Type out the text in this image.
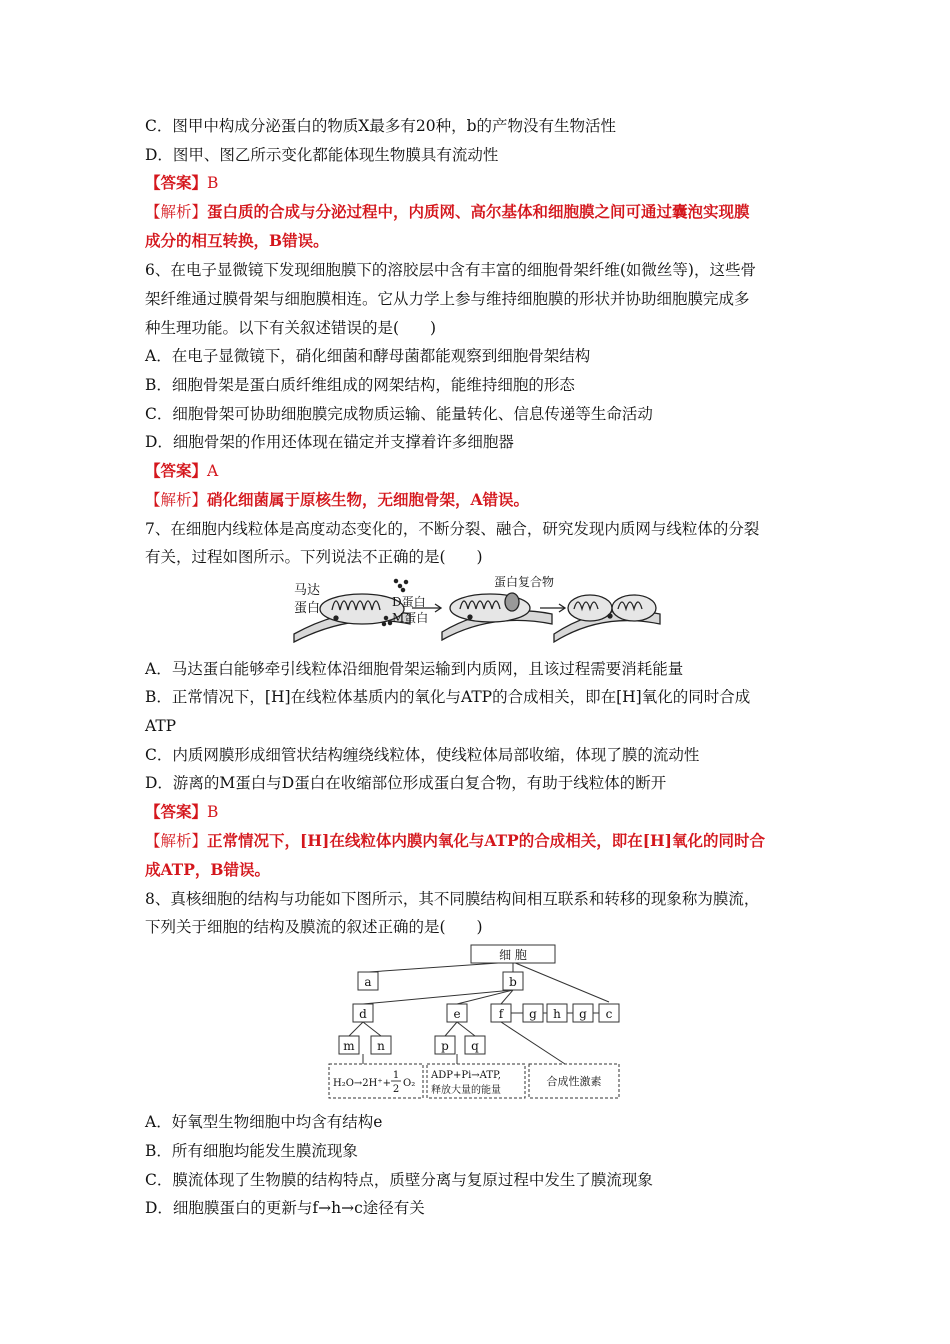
C．图甲中构成分泌蛋白的物质X最多有20种，b的产物没有生物活性
D．图甲、图乙所示变化都能体现生物膜具有流动性
【答案】B
【解析】蛋白质的合成与分泌过程中，内质网、高尔基体和细胞膜之间可通过囊泡实现膜
成分的相互转换，B错误。
6、在电子显微镜下发现细胞膜下的溶胶层中含有丰富的细胞骨架纤维(如微丝等)，这些骨
架纤维通过膜骨架与细胞膜相连。它从力学上参与维持细胞膜的形状并协助细胞膜完成多
种生理功能。以下有关叙述错误的是(　　)
A．在电子显微镜下，硝化细菌和酵母菌都能观察到细胞骨架结构
B．细胞骨架是蛋白质纤维组成的网架结构，能维持细胞的形态
C．细胞骨架可协助细胞膜完成物质运输、能量转化、信息传递等生命活动
D．细胞骨架的作用还体现在锚定并支撑着许多细胞器
【答案】A
【解析】硝化细菌属于原核生物，无细胞骨架，A错误。
7、在细胞内线粒体是高度动态变化的，不断分裂、融合，研究发现内质网与线粒体的分裂
有关，过程如图所示。下列说法不正确的是(　　)
马达
蛋白	D蛋白
M蛋白
蛋白复合物
A．马达蛋白能够牵引线粒体沿细胞骨架运输到内质网，且该过程需要消耗能量
B．正常情况下，[H]在线粒体基质内的氧化与ATP的合成相关，即在[H]氧化的同时合成
ATP
C．内质网膜形成细管状结构缠绕线粒体，使线粒体局部收缩，体现了膜的流动性
D．游离的M蛋白与D蛋白在收缩部位形成蛋白复合物，有助于线粒体的断开
【答案】B
【解析】正常情况下，[H]在线粒体内膜内氧化与ATP的合成相关，即在[H]氧化的同时合
成ATP，B错误。
8、真核细胞的结构与功能如下图所示，其不同膜结构间相互联系和转移的现象称为膜流，
下列关于细胞的结构及膜流的叙述正确的是(　　)
细 胞
a	b
d	e	f g h g c
m n	p q
H₂O→2H⁺+
1
2
O₂
ADP+Pi→ATP,
释放大量的能量
合成性激素
A．好氧型生物细胞中均含有结构e
B．所有细胞均能发生膜流现象
C．膜流体现了生物膜的结构特点，质壁分离与复原过程中发生了膜流现象
D．细胞膜蛋白的更新与f→h→c途径有关
